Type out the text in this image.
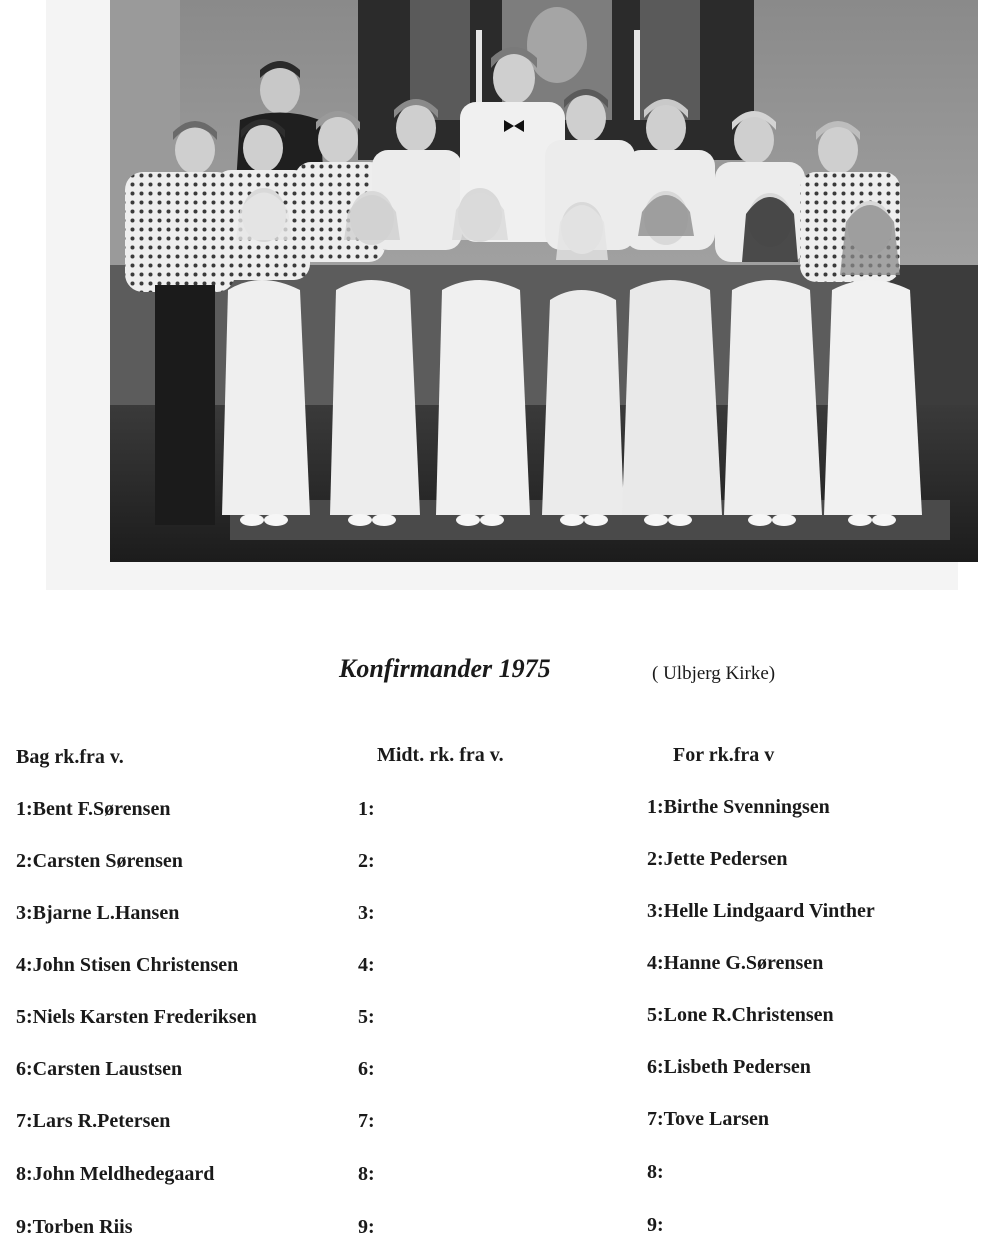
Konfirmander 1975	( Ulbjerg Kirke)
Bag rk.fra v.
1:Bent F.Sørensen
2:Carsten Sørensen
3:Bjarne L.Hansen
4:John Stisen Christensen
5:Niels Karsten Frederiksen
6:Carsten Laustsen
7:Lars R.Petersen
8:John Meldhedegaard
9:Torben Riis
Midt. rk. fra v.
1:
2:
3:
4:
5:
6:
7:
8:
9:
For rk.fra v
1:Birthe Svenningsen
2:Jette Pedersen
3:Helle Lindgaard Vinther
4:Hanne G.Sørensen
5:Lone R.Christensen
6:Lisbeth Pedersen
7:Tove Larsen
8:
9:
